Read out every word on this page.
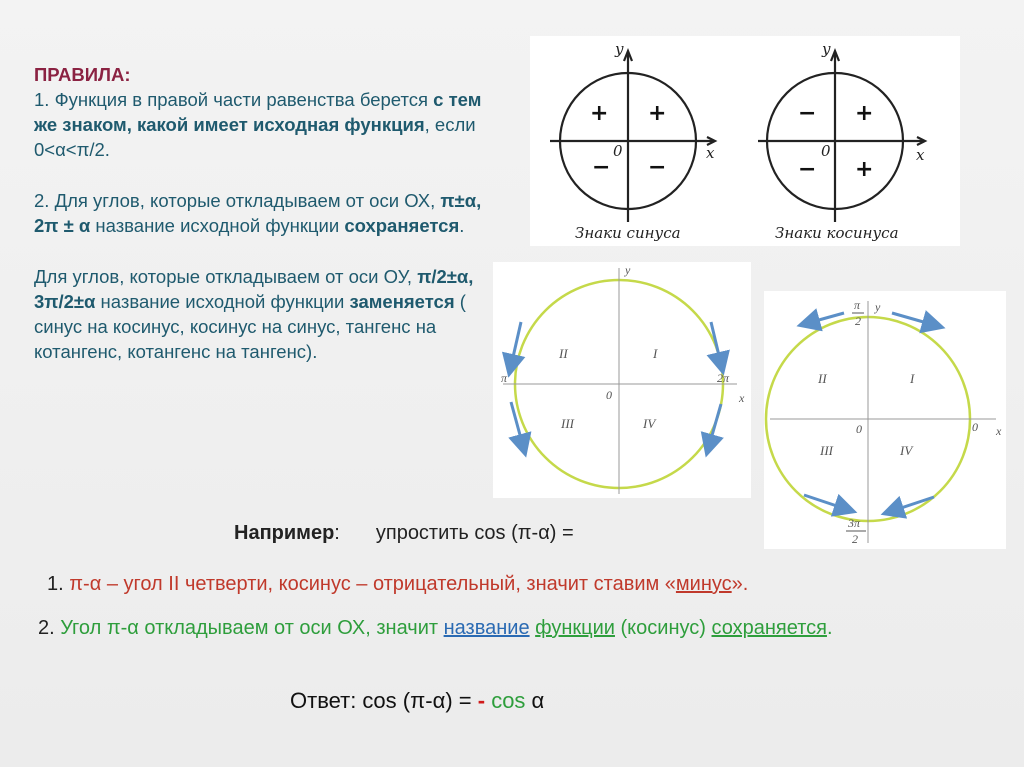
ПРАВИЛА:

1. Функция в правой части равенства берется с тем же знаком, какой имеет исходная функция, если 0<α<π/2.

2. Для углов, которые откладываем от оси ОХ, π±α, 2π ± α название исходной функции сохраняется.

Для углов, которые откладываем от оси ОУ, π/2±α, 3π/2±α название исходной функции заменяется ( синус на косинус, косинус на синус, тангенс на котангенс, котангенс на тангенс).

y
x
0
+ +
− −
Знаки синуса
y
x
0
− +
− +
Знаки косинуса
y
x
0
π	2π
I
II
III	IV
y
x
0	0
π
2
3π
2
I
II
III	IV
Например: упростить cos (π-α) =
1. π-α – угол II четверти, косинус – отрицательный, значит ставим «минус».
2. Угол π-α откладываем от оси ОХ, значит название функции (косинус) сохраняется.
Ответ: cos (π-α) = - cos α
